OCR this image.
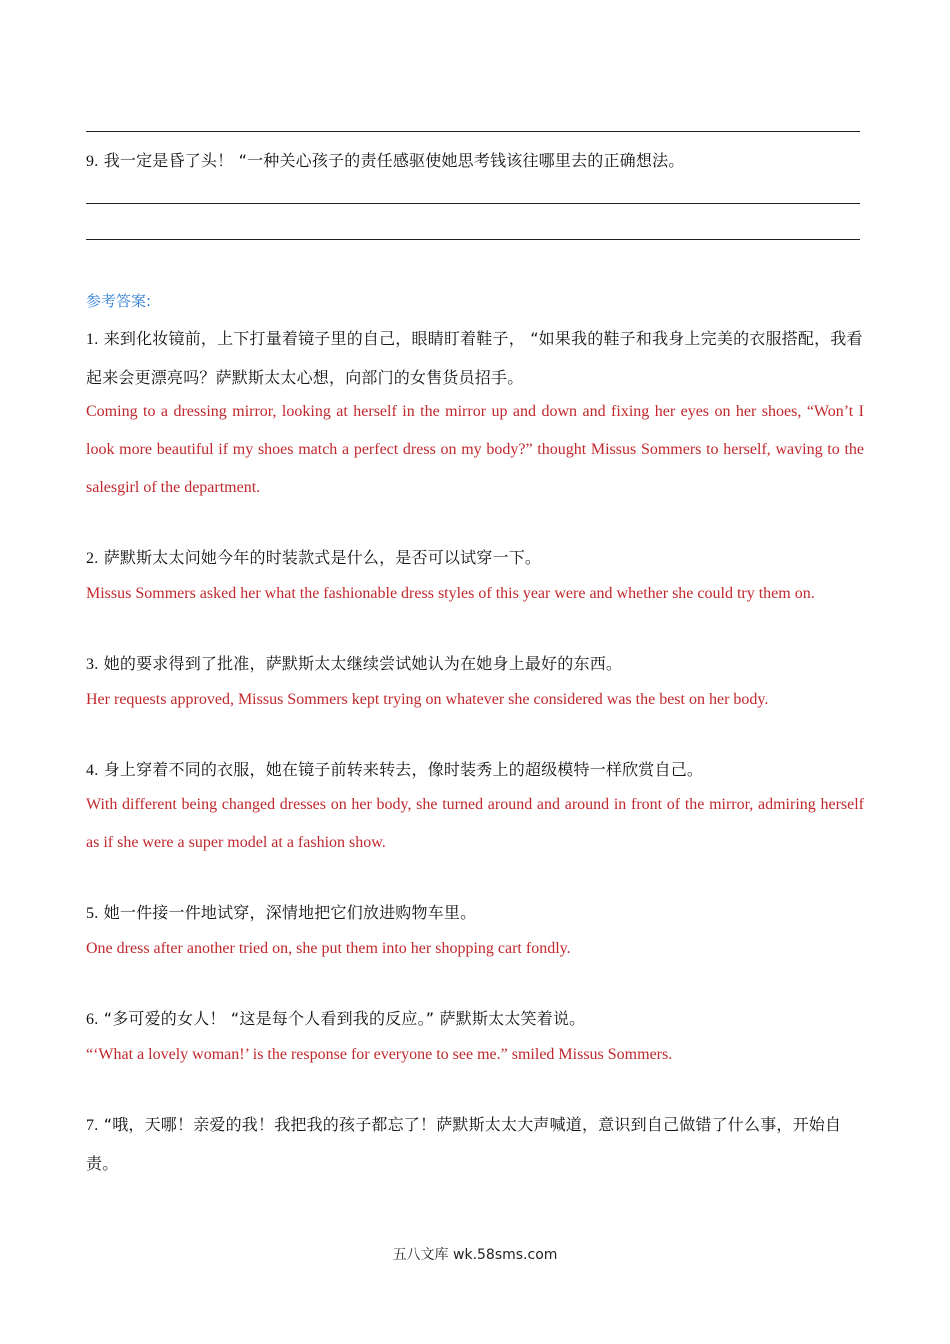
9. 我一定是昏了头！ “一种关心孩子的责任感驱使她思考钱该往哪里去的正确想法。
参考答案:
1. 来到化妆镜前，上下打量着镜子里的自己，眼睛盯着鞋子， “如果我的鞋子和我身上完美的衣服搭配，我看起来会更漂亮吗？萨默斯太太心想，向部门的女售货员招手。
Coming to a dressing mirror, looking at herself in the mirror up and down and fixing her eyes on her shoes, “Won’t I look more beautiful if my shoes match a perfect dress on my body?” thought Missus Sommers to herself, waving to the salesgirl of the department.
2. 萨默斯太太问她今年的时装款式是什么，是否可以试穿一下。
Missus Sommers asked her what the fashionable dress styles of this year were and whether she could try them on.
3. 她的要求得到了批准，萨默斯太太继续尝试她认为在她身上最好的东西。
Her requests approved, Missus Sommers kept trying on whatever she considered was the best on her body.
4. 身上穿着不同的衣服，她在镜子前转来转去，像时装秀上的超级模特一样欣赏自己。
With different being changed dresses on her body, she turned around and around in front of the mirror, admiring herself as if she were a super model at a fashion show.
5. 她一件接一件地试穿，深情地把它们放进购物车里。
One dress after another tried on, she put them into her shopping cart fondly.
6. “多可爱的女人！ “这是每个人看到我的反应。” 萨默斯太太笑着说。
“‘What a lovely woman!’ is the response for everyone to see me.” smiled Missus Sommers.
7. “哦，天哪！亲爱的我！我把我的孩子都忘了！萨默斯太太大声喊道，意识到自己做错了什么事，开始自责。
五八文库 wk.58sms.com
